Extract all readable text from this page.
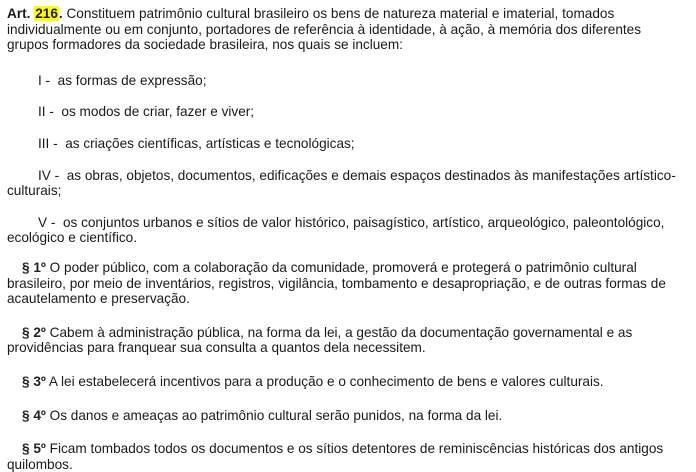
Art. 216. Constituem patrimônio cultural brasileiro os bens de natureza material e imaterial, tomados individualmente ou em conjunto, portadores de referência à identidade, à ação, à memória dos diferentes grupos formadores da sociedade brasileira, nos quais se incluem:

I - as formas de expressão;

II - os modos de criar, fazer e viver;

III - as criações científicas, artísticas e tecnológicas;

IV - as obras, objetos, documentos, edificações e demais espaços destinados às manifestações artístico-culturais;

V - os conjuntos urbanos e sítios de valor histórico, paisagístico, artístico, arqueológico, paleontológico, ecológico e científico.

§ 1º O poder público, com a colaboração da comunidade, promoverá e protegerá o patrimônio cultural brasileiro, por meio de inventários, registros, vigilância, tombamento e desapropriação, e de outras formas de acautelamento e preservação.

§ 2º Cabem à administração pública, na forma da lei, a gestão da documentação governamental e as providências para franquear sua consulta a quantos dela necessitem.

§ 3º A lei estabelecerá incentivos para a produção e o conhecimento de bens e valores culturais.

§ 4º Os danos e ameaças ao patrimônio cultural serão punidos, na forma da lei.

§ 5º Ficam tombados todos os documentos e os sítios detentores de reminiscências históricas dos antigos quilombos.
